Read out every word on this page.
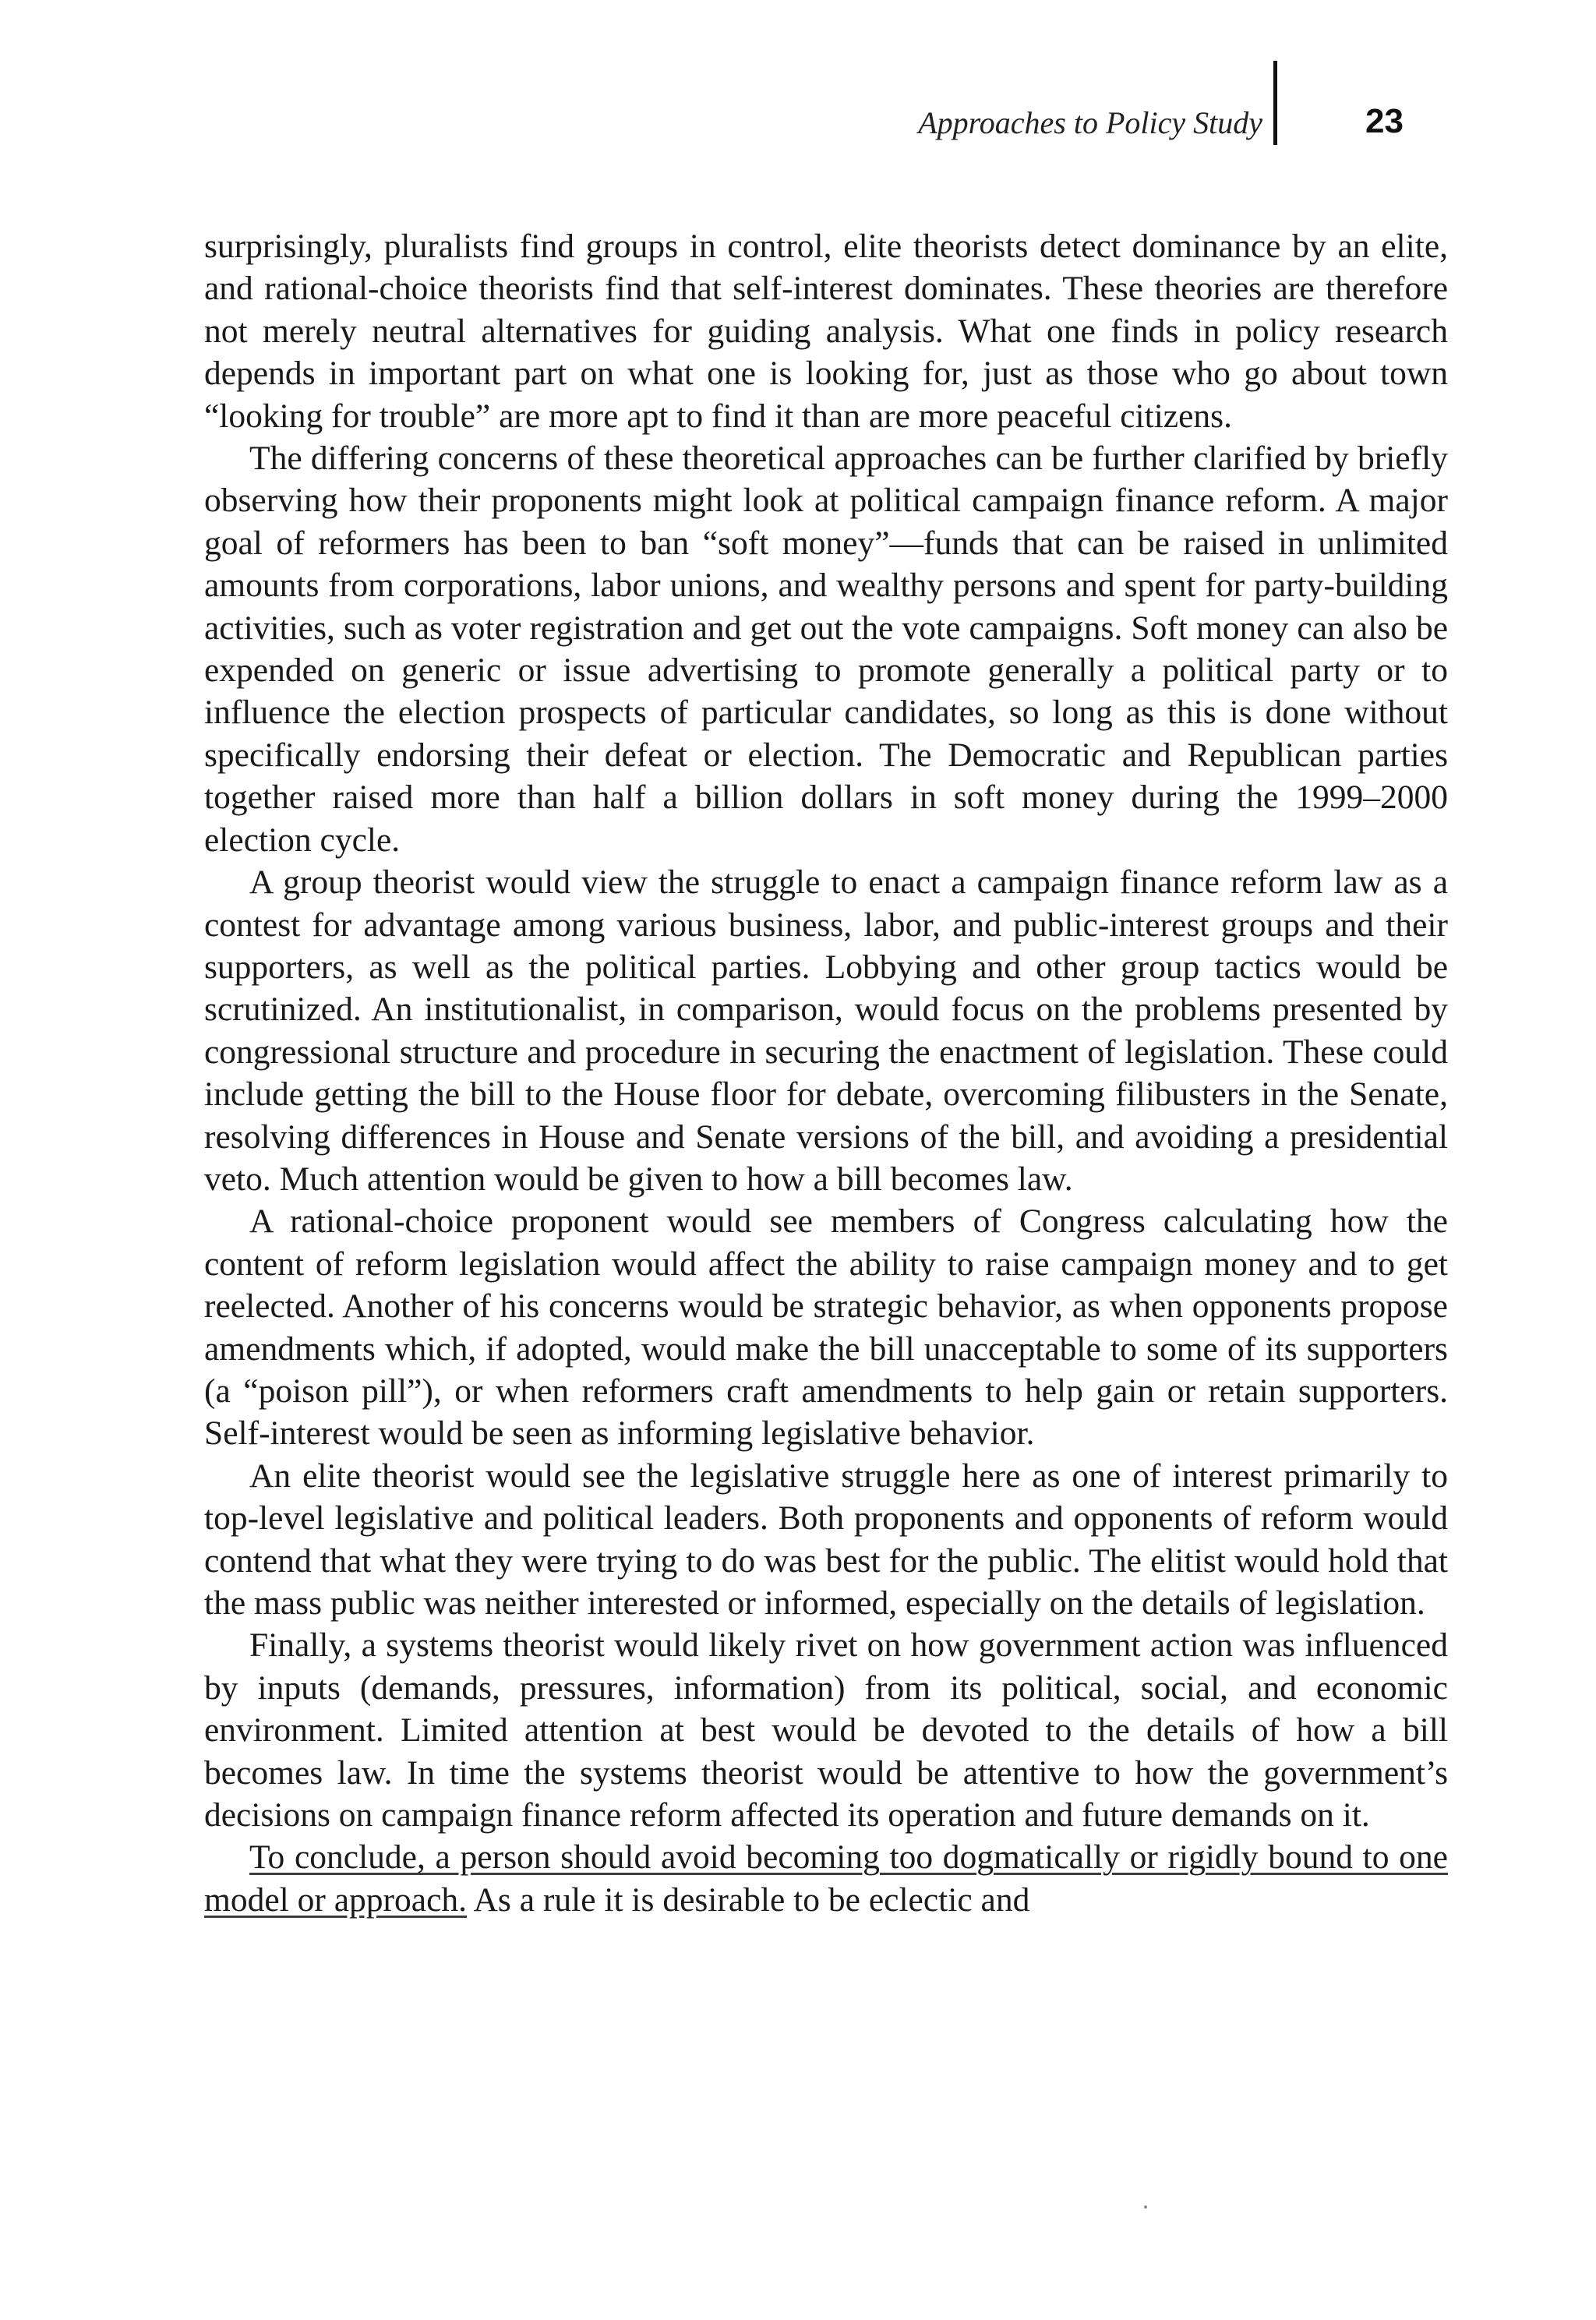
Approaches to Policy Study	23

surprisingly, pluralists find groups in control, elite theorists detect dominance by an elite, and rational-choice theorists find that self-interest dominates. These theories are therefore not merely neutral alternatives for guiding analysis. What one finds in policy research depends in important part on what one is looking for, just as those who go about town “looking for trouble” are more apt to find it than are more peaceful citizens.

The differing concerns of these theoretical approaches can be further clarified by briefly observing how their proponents might look at political campaign finance reform. A major goal of reformers has been to ban “soft money”—funds that can be raised in unlimited amounts from corporations, labor unions, and wealthy persons and spent for party-building activities, such as voter registration and get out the vote campaigns. Soft money can also be expended on generic or issue advertising to promote generally a political party or to influence the election prospects of particular candidates, so long as this is done without specifically endorsing their defeat or election. The Democratic and Republican parties together raised more than half a billion dollars in soft money during the 1999–2000 election cycle.

A group theorist would view the struggle to enact a campaign finance reform law as a contest for advantage among various business, labor, and public-interest groups and their supporters, as well as the political parties. Lobbying and other group tactics would be scrutinized. An institutionalist, in comparison, would focus on the problems presented by congressional structure and procedure in securing the enactment of legislation. These could include getting the bill to the House floor for debate, overcoming filibusters in the Senate, resolving differences in House and Senate versions of the bill, and avoiding a presidential veto. Much attention would be given to how a bill becomes law.

A rational-choice proponent would see members of Congress calculating how the content of reform legislation would affect the ability to raise campaign money and to get reelected. Another of his concerns would be strategic behavior, as when opponents propose amendments which, if adopted, would make the bill unacceptable to some of its supporters (a “poison pill”), or when reformers craft amendments to help gain or retain supporters. Self-interest would be seen as informing legislative behavior.

An elite theorist would see the legislative struggle here as one of interest primarily to top-level legislative and political leaders. Both proponents and opponents of reform would contend that what they were trying to do was best for the public. The elitist would hold that the mass public was neither interested or informed, especially on the details of legislation.

Finally, a systems theorist would likely rivet on how government action was influenced by inputs (demands, pressures, information) from its political, social, and economic environment. Limited attention at best would be devoted to the details of how a bill becomes law. In time the systems theorist would be attentive to how the government’s decisions on campaign finance reform affected its operation and future demands on it.

To conclude, a person should avoid becoming too dogmatically or rigidly bound to one model or approach. As a rule it is desirable to be eclectic and
